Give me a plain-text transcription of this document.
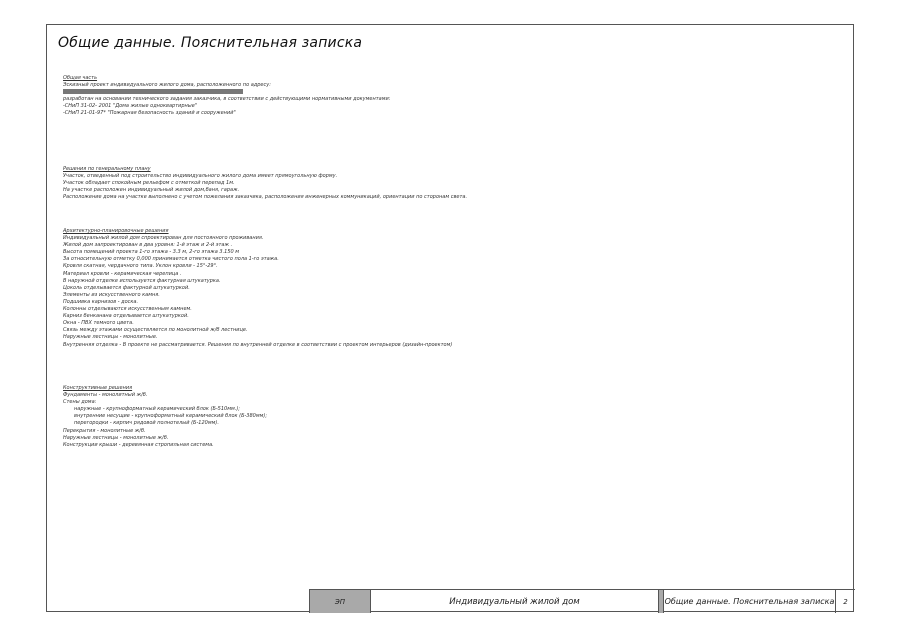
Общие данные. Пояснительная записка
Общая часть
Эскизный проект индивидуального жилого дома, расположенного по адресу:
разработан на основании технического задания заказчика, в соответствии с действующими нормативными документами:
-СНиП 31-02- 2001 "Дома жилые одноквартирные"
-СНиП 21-01-97* "Пожарная безопасность зданий и сооружений"
Решения по генеральному плану
Участок, отведенный под строительство индивидуального жилого дома имеет прямоугольную форму.
Участок обладает спокойным рельефом с отметкой перепад 1м.
На участке расположен индивидуальный жилой дом,баня, гараж.
Расположение дома на участке выполнено с учетом пожелания заказчика, расположения инженерных коммуникаций, ориентации по сторонам света.
Архитектурно-планировочные решения
Индивидуальный жилой дом спроектирован для постоянного проживания.
Жилой дом запроектирован в два уровня: 1-й этаж и 2-й этаж .
Высота помещений проекта 1-го этажа - 3.3 м, 2-го этажа 3.150 м
За относительную отметку 0,000 принимается отметка чистого пола 1-го этажа.
Кровля скатная, чердачного типа. Уклон кровли - 15°-29°.
Материал кровли - керамическая черепица .
В наружной отделке используется фактурная штукатурка.
Цоколь отделывается фактурной штукатуркой.
Элементы из искусственного камня.
Подшивка карнизов - доска.
Колонны отделываются искусственным камнем.
Карниз бенканана отделывается штукатуркой.
Окна - ПВХ темного цвета.
Связь между этажами осуществляется по монолитной ж/б лестнице.
Наружные лестницы - монолитные.
Внутренняя отделка - В проекте не рассматривается. Решения по внутренней отделке в соответствии с проектом интерьеров (дизайн-проектом)
Конструктивные решения
Фундаменты - монолитный ж/б.
Стены дома:
наружные - крупноформатный керамический блок (Б-510мм.);
внутренние несущие - крупноформатный керамический блок (Б-380мм);
перегородки - кирпич рядовой полнотелый (Б-120мм).
Перекрытия - монолитные ж/б.
Наружные лестницы - монолитные ж/б.
Конструкции крыши - деревянная стропильная система.
ЭП	Индивидуальный жилой дом	Общие данные. Пояснительная записка	2
